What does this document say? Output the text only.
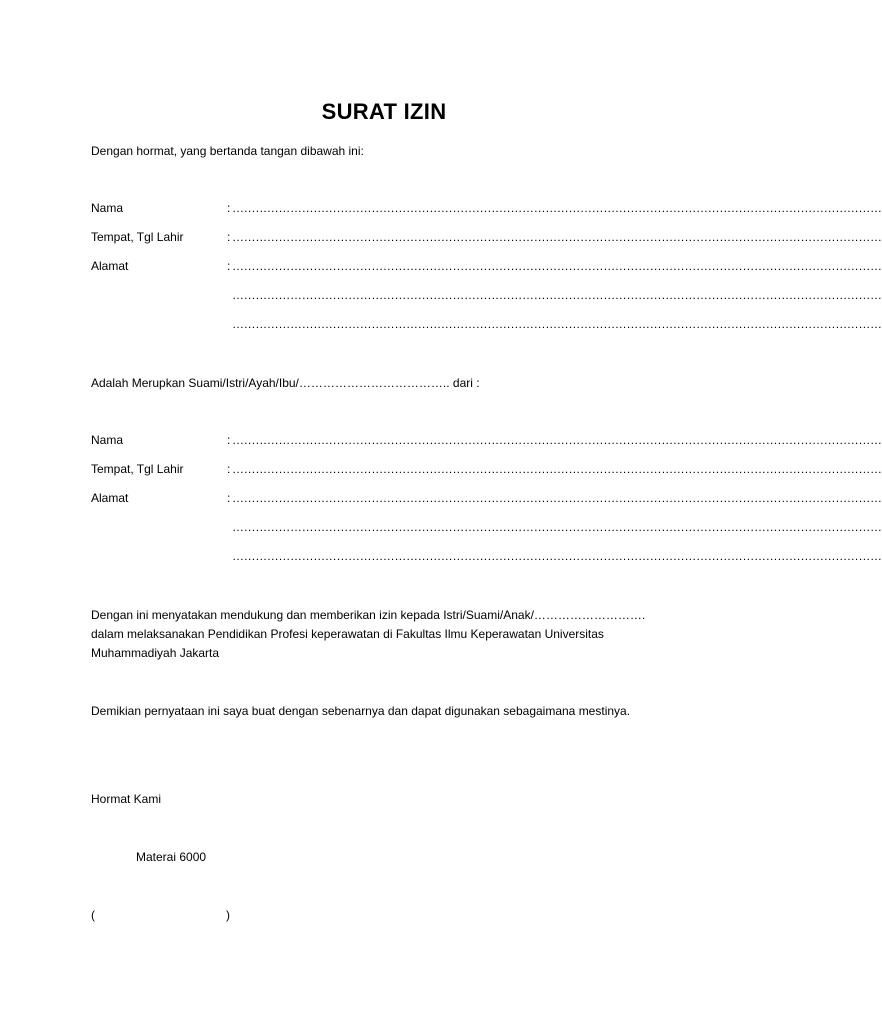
SURAT IZIN
Dengan hormat, yang bertanda tangan dibawah ini:
Nama	: ……………………………………………………………………………………………………………………………………………………
Tempat, Tgl Lahir	: ……………………………………………………………………………………………………………………………………………………
Alamat	: ……………………………………………………………………………………………………………………………………………………
……………………………………………………………………………………………………………………………………………………
……………………………………………………………………………………………………………………………………………………
Adalah Merupkan Suami/Istri/Ayah/Ibu/……………………………….. dari :
Nama	: ……………………………………………………………………………………………………………………………………………………
Tempat, Tgl Lahir	: ……………………………………………………………………………………………………………………………………………………
Alamat	: ……………………………………………………………………………………………………………………………………………………
……………………………………………………………………………………………………………………………………………………
……………………………………………………………………………………………………………………………………………………
Dengan ini menyatakan mendukung dan memberikan izin kepada Istri/Suami/Anak/……………………….
dalam melaksanakan Pendidikan Profesi keperawatan di Fakultas Ilmu Keperawatan Universitas
Muhammadiyah Jakarta
Demikian pernyataan ini saya buat dengan sebenarnya dan dapat digunakan sebagaimana mestinya.
Hormat Kami
Materai 6000
(	)
